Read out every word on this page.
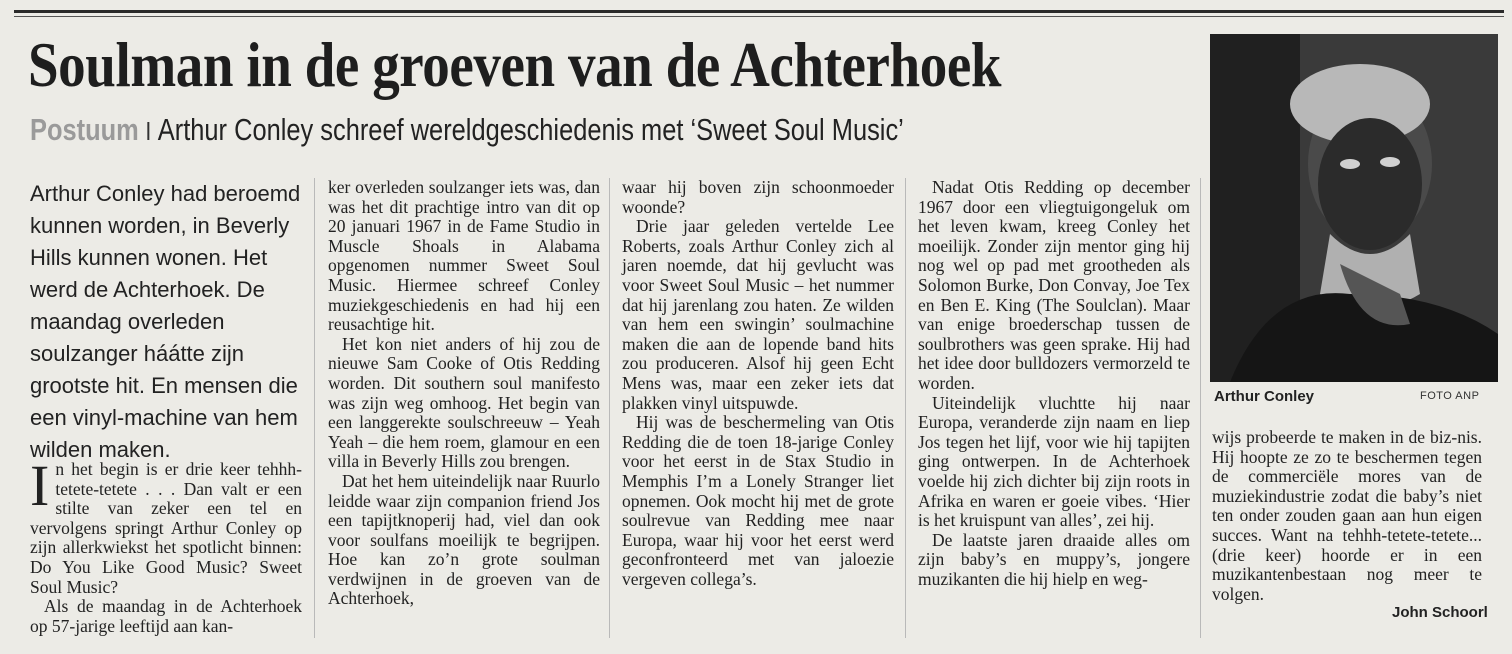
Soulman in de groeven van de Achterhoek
Postuum I Arthur Conley schreef wereldgeschiedenis met ‘Sweet Soul Music’
Arthur Conley had beroemd kunnen worden, in Beverly Hills kunnen wonen. Het werd de Achterhoek. De maandag overleden soulzanger háátte zijn grootste hit. En mensen die een vinyl-machine van hem wilden maken.

In het begin is er drie keer tehhh-tetete-tetete . . . Dan valt er een stilte van zeker een tel en vervolgens springt Arthur Conley op zijn allerkwiekst het spotlicht binnen: Do You Like Good Music? Sweet Soul Music?

Als de maandag in de Achterhoek op 57-jarige leeftijd aan kan-

ker overleden soulzanger iets was, dan was het dit prachtige intro van dit op 20 januari 1967 in de Fame Studio in Muscle Shoals in Alabama opgenomen nummer Sweet Soul Music. Hiermee schreef Conley muziekgeschiedenis en had hij een reusachtige hit.

Het kon niet anders of hij zou de nieuwe Sam Cooke of Otis Redding worden. Dit southern soul manifesto was zijn weg omhoog. Het begin van een langgerekte soulschreeuw – Yeah Yeah – die hem roem, glamour en een villa in Beverly Hills zou brengen.

Dat het hem uiteindelijk naar Ruurlo leidde waar zijn companion friend Jos een tapijtknoperij had, viel dan ook voor soulfans moeilijk te begrijpen. Hoe kan zo’n grote soulman verdwijnen in de groeven van de Achterhoek,

waar hij boven zijn schoonmoeder woonde?

Drie jaar geleden vertelde Lee Roberts, zoals Arthur Conley zich al jaren noemde, dat hij gevlucht was voor Sweet Soul Music – het nummer dat hij jarenlang zou haten. Ze wilden van hem een swingin’ soulmachine maken die aan de lopende band hits zou produceren. Alsof hij geen Echt Mens was, maar een zeker iets dat plakken vinyl uitspuwde.

Hij was de beschermeling van Otis Redding die de toen 18-jarige Conley voor het eerst in de Stax Studio in Memphis I’m a Lonely Stranger liet opnemen. Ook mocht hij met de grote soulrevue van Redding mee naar Europa, waar hij voor het eerst werd geconfronteerd met van jaloezie vergeven collega’s.

Nadat Otis Redding op december 1967 door een vliegtuigongeluk om het leven kwam, kreeg Conley het moeilijk. Zonder zijn mentor ging hij nog wel op pad met grootheden als Solomon Burke, Don Convay, Joe Tex en Ben E. King (The Soulclan). Maar van enige broederschap tussen de soulbrothers was geen sprake. Hij had het idee door bulldozers vermorzeld te worden.

Uiteindelijk vluchtte hij naar Europa, veranderde zijn naam en liep Jos tegen het lijf, voor wie hij tapijten ging ontwerpen. In de Achterhoek voelde hij zich dichter bij zijn roots in Afrika en waren er goeie vibes. ‘Hier is het kruispunt van alles’, zei hij.

De laatste jaren draaide alles om zijn baby’s en muppy’s, jongere muzikanten die hij hielp en weg-

wijs probeerde te maken in de biz-nis. Hij hoopte ze zo te beschermen tegen de commerciële mores van de muziekindustrie zodat die baby’s niet ten onder zouden gaan aan hun eigen succes. Want na tehhh-tetete-tetete... (drie keer) hoorde er in een muzikantenbestaan nog meer te volgen.

Arthur Conley	FOTO ANP
John Schoorl
